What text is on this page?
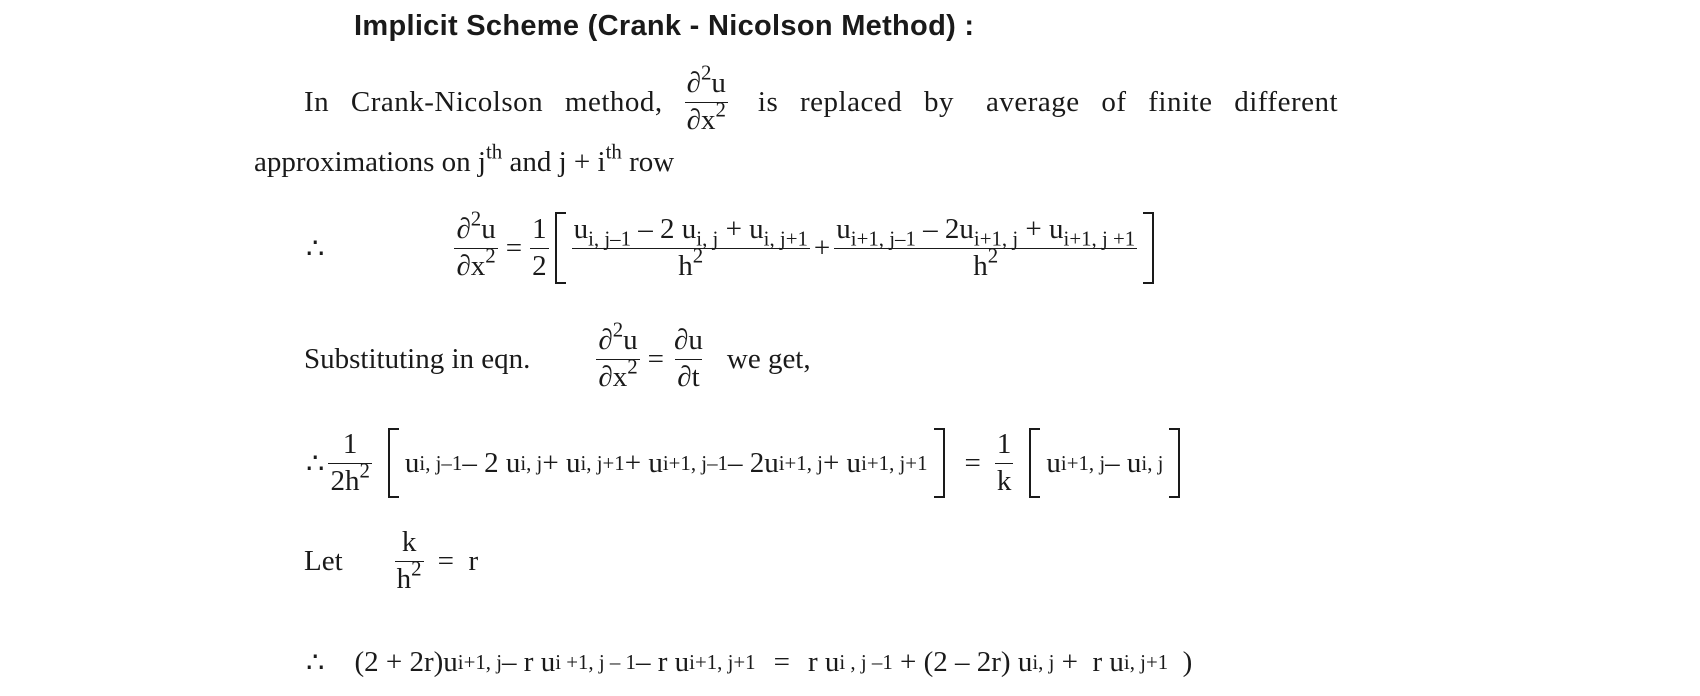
Implicit Scheme (Crank - Nicolson Method) :
In Crank-Nicolson method, $\frac{\partial^2u}{\partial x^2}$ is replaced by average of finite different
approximations on $j^{th}$ and $j + i^{th}$ row
∴	$\frac{\partial^2u}{\partial x^2} = \frac{1}{2} \frac{u_{i, j-1} - 2 u_{i, j} + u_{i, j+1}}{h^2} + \frac{u_{i+1, j-1} - 2u_{i+1, j} + u_{i+1, j +1}}{h^2}$
Substituting in eqn. $\frac{\partial^2u}{\partial x^2} = \frac{\partial u}{\partial t}$ we get,
∴ $\frac{1}{2h^2}$ u i, j–1 – 2 u i, j + u i, j+1 + u i+1, j–1 – 2u i+1, j + u i+1, $j+1 = \frac{1}{k}$ u i+1, j – u i, j
Let $\frac{k}{h^2} = r$
∴ (2 + 2r)u i+1, j – r u i +1, j – 1 – r u i+1, j+1 = r u i , j –1 + (2 – 2r) u i, j +  r u i, j+1 )
